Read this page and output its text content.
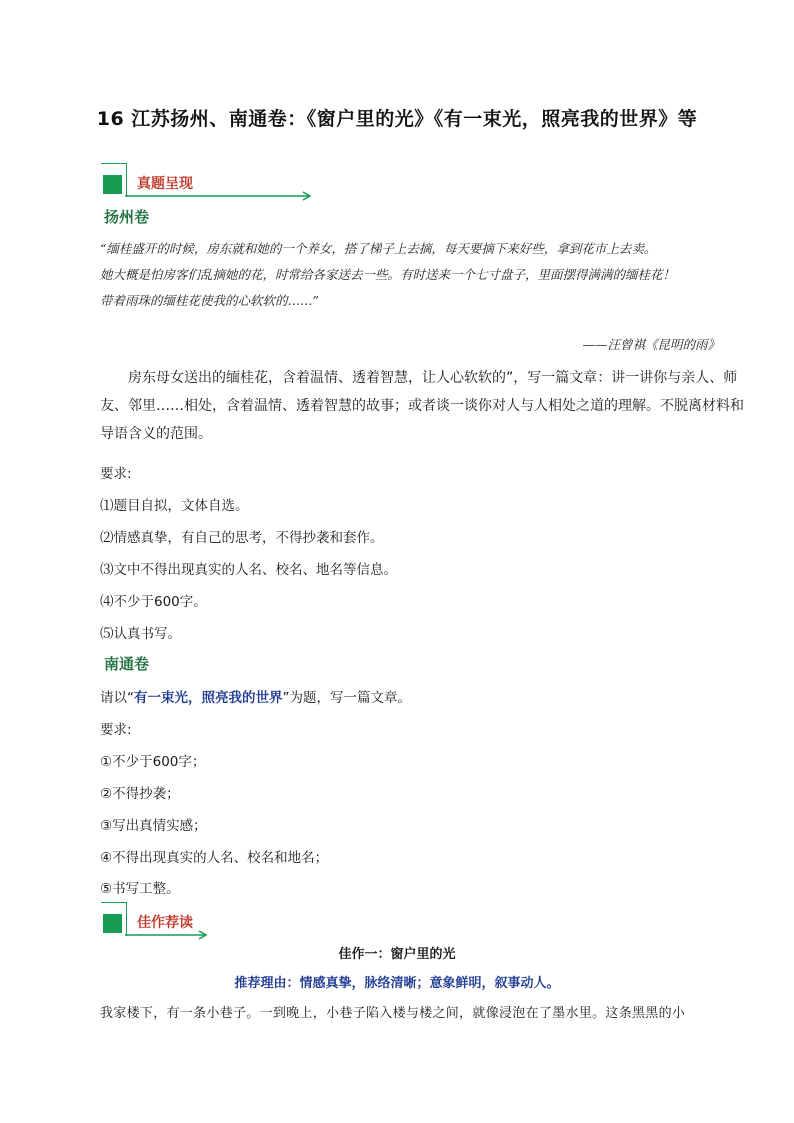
16 江苏扬州、南通卷：《窗户里的光》《有一束光，照亮我的世界》等
真题呈现
扬州卷
“缅桂盛开的时候，房东就和她的一个养女，搭了梯子上去摘，每天要摘下来好些，拿到花市上去卖。
她大概是怕房客们乱摘她的花，时常给各家送去一些。有时送来一个七寸盘子，里面摆得满满的缅桂花！
带着雨珠的缅桂花使我的心软软的……”
——汪曾祺《昆明的雨》
房东母女送出的缅桂花，含着温情、透着智慧，让人心软软的”，写一篇文章：讲一讲你与亲人、师
友、邻里……相处，含着温情、透着智慧的故事；或者谈一谈你对人与人相处之道的理解。不脱离材料和
导语含义的范围。
要求:
⑴题目自拟，文体自选。
⑵情感真挚，有自己的思考，不得抄袭和套作。
⑶文中不得出现真实的人名、校名、地名等信息。
⑷不少于600字。
⑸认真书写。
南通卷
请以“有一束光，照亮我的世界”为题，写一篇文章。
要求:
①不少于600字；
②不得抄袭；
③写出真情实感；
④不得出现真实的人名、校名和地名；
⑤书写工整。
佳作荐读
佳作一：窗户里的光
推荐理由：情感真挚，脉络清晰；意象鲜明，叙事动人。
我家楼下，有一条小巷子。一到晚上，小巷子陷入楼与楼之间，就像浸泡在了墨水里。这条黑黑的小
